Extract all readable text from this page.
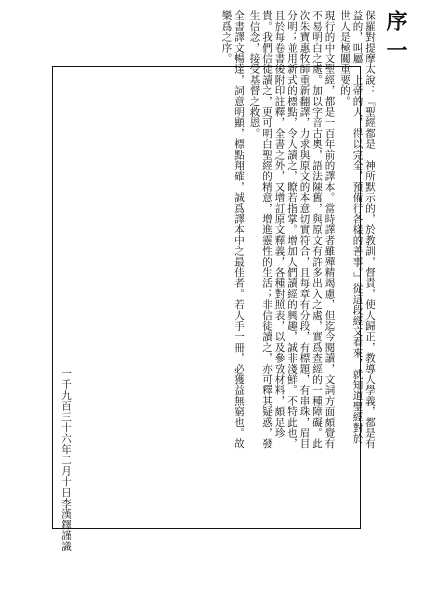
序一
保羅對提摩太說：『聖經都是　神所默示的，於教訓，督責，使人歸正，教導人學義，都是有益的，叫屬　上帝的人，得以完全，預備行各樣的善事。』從這段經文看來，就知道聖經對於世人是極關重要的。
現行的中文聖經，都是一百年前的譯本。當時譯者雖殫精竭慮，但迄今閱讀，文詞方面頗覺有不易明白之處。加以字音古奧，語法陳舊，與原文有許多出入之處，實爲查經的一種障礙。此次朱寶惠牧師重新翻譯，力求與原文的本意切實符合，且每章有分段，有標題，有串珠，眉目分明；並用新式的標點，令人讀之，瞭若指掌。增加人們讀經的興趣，誠非淺鮮。不特此也，且於每卷書後附印註釋，全書之外，又增訂原文釋義，各種對照表，以及參攷材料，頗足珍貴。我們信徒讀之，更可明白聖經的精意，增進靈性的生活；非信徒讀之，亦可釋其疑惑，發生信念，接受基督之救恩。
全書譯文暢達，詞意明顯，標點翔確，誠爲譯本中之最佳者。若人手一冊，必獲益無窮也。故樂爲之序。
一千九百三十六年二月十日李漢鐸謹識
